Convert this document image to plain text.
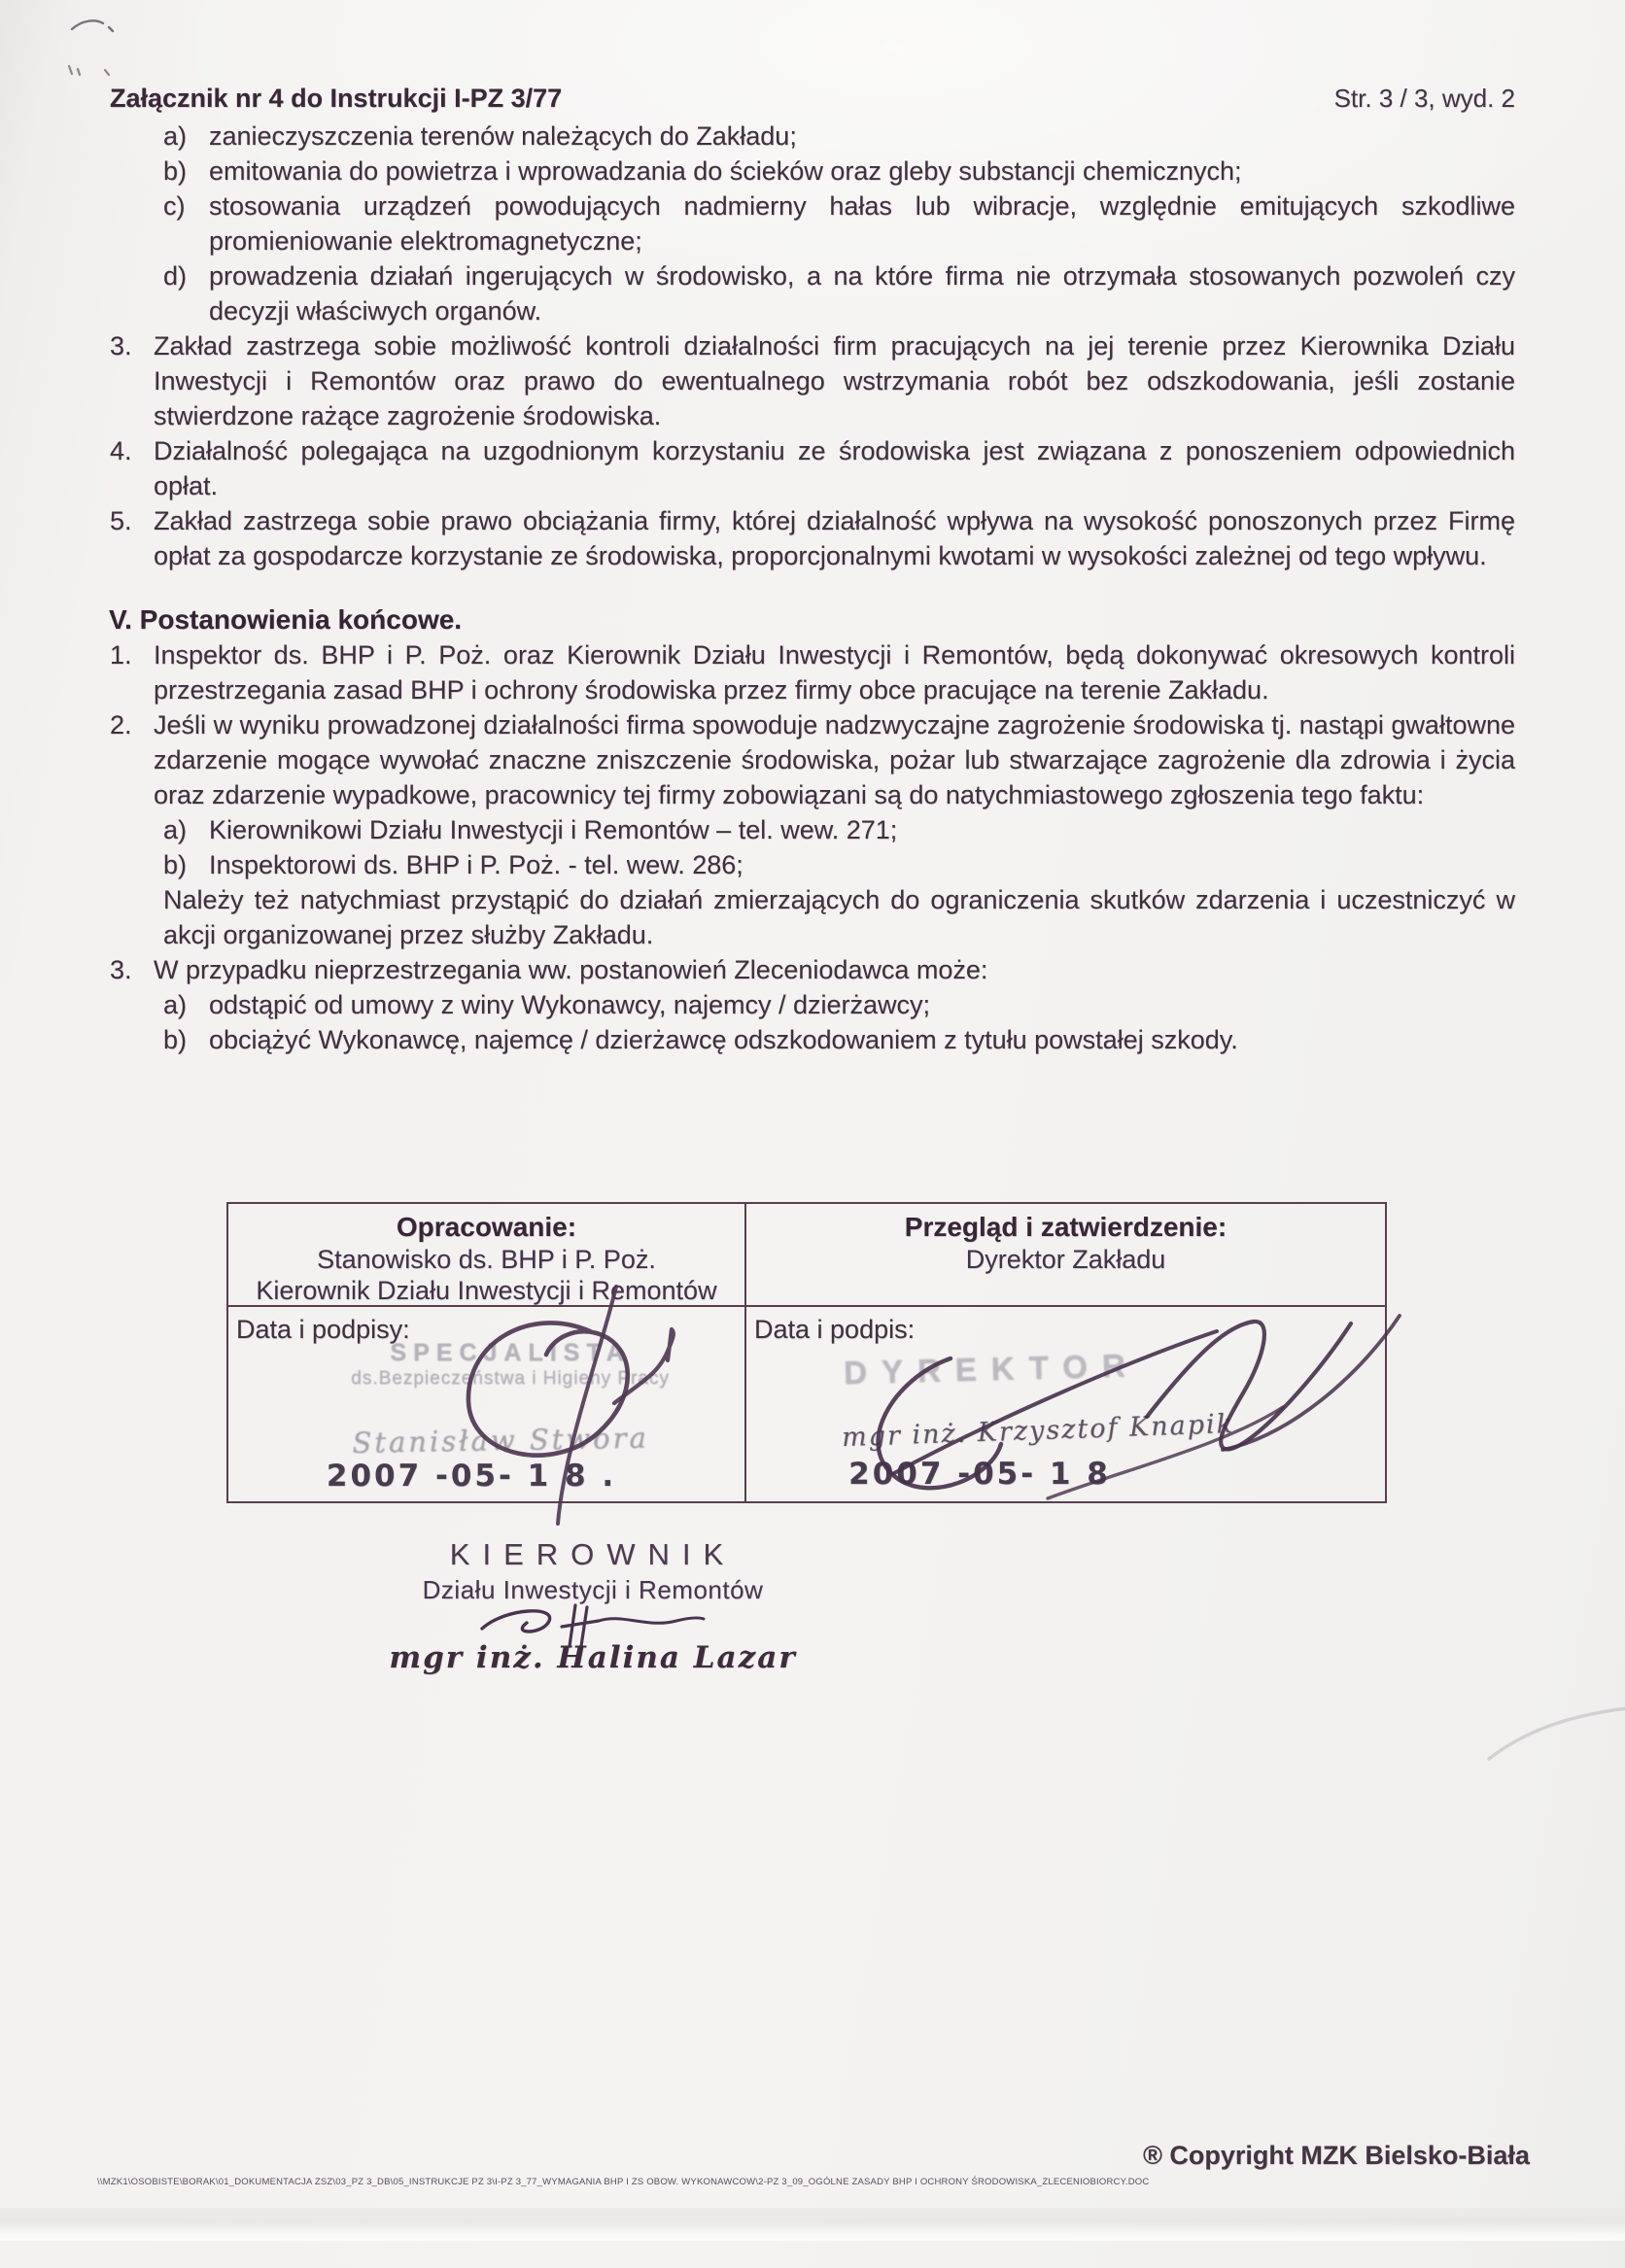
Załącznik nr 4 do Instrukcji I-PZ 3/77	Str. 3 / 3, wyd. 2
a) zanieczyszczenia terenów należących do Zakładu;

b) emitowania do powietrza i wprowadzania do ścieków oraz gleby substancji chemicznych;

c) stosowania urządzeń powodujących nadmierny hałas lub wibracje, względnie emitujących szkodliwe promieniowanie elektromagnetyczne;

d) prowadzenia działań ingerujących w środowisko, a na które firma nie otrzymała stosowanych pozwoleń czy decyzji właściwych organów.

3. Zakład zastrzega sobie możliwość kontroli działalności firm pracujących na jej terenie przez Kierownika Działu Inwestycji i Remontów oraz prawo do ewentualnego wstrzymania robót bez odszkodowania, jeśli zostanie stwierdzone rażące zagrożenie środowiska.

4. Działalność polegająca na uzgodnionym korzystaniu ze środowiska jest związana z ponoszeniem odpowiednich opłat.

5. Zakład zastrzega sobie prawo obciążania firmy, której działalność wpływa na wysokość ponoszonych przez Firmę opłat za gospodarcze korzystanie ze środowiska, proporcjonalnymi kwotami w wysokości zależnej od tego wpływu.

V. Postanowienia końcowe.

1. Inspektor ds. BHP i P. Poż. oraz Kierownik Działu Inwestycji i Remontów, będą dokonywać okresowych kontroli przestrzegania zasad BHP i ochrony środowiska przez firmy obce pracujące na terenie Zakładu.

2. Jeśli w wyniku prowadzonej działalności firma spowoduje nadzwyczajne zagrożenie środowiska tj. nastąpi gwałtowne zdarzenie mogące wywołać znaczne zniszczenie środowiska, pożar lub stwarzające zagrożenie dla zdrowia i życia oraz zdarzenie wypadkowe, pracownicy tej firmy zobowiązani są do natychmiastowego zgłoszenia tego faktu:

a) Kierownikowi Działu Inwestycji i Remontów – tel. wew. 271;

b) Inspektorowi ds. BHP i P. Poż. - tel. wew. 286;

Należy też natychmiast przystąpić do działań zmierzających do ograniczenia skutków zdarzenia i uczestniczyć w akcji organizowanej przez służby Zakładu.

3. W przypadku nieprzestrzegania ww. postanowień Zleceniodawca może:

a) odstąpić od umowy z winy Wykonawcy, najemcy / dzierżawcy;

b) obciążyć Wykonawcę, najemcę / dzierżawcę odszkodowaniem z tytułu powstałej szkody.

Opracowanie:
Stanowisko ds. BHP i P. Poż.
Kierownik Działu Inwestycji i Remontów
Przegląd i zatwierdzenie:
Dyrektor Zakładu
Data i podpisy:
SPECJALISTA
ds.Bezpieczeństwa i Higieny Pracy
Stanisław Stwora
2007 -05- 1 8 .
Data i podpis:
DYREKTOR
mgr inż. Krzysztof Knapik
2007 -05- 1 8
KIEROWNIK
Działu Inwestycji i Remontów
mgr inż. Halina Lazar
\\MZK1\OSOBISTE\BORAK\01_DOKUMENTACJA ZSZ\03_PZ 3_DB\05_INSTRUKCJE PZ 3\I-PZ 3_77_WYMAGANIA BHP I ZS OBOW. WYKONAWCOW\2-PZ 3_09_OGÓLNE ZASADY BHP I OCHRONY ŚRODOWISKA_ZLECENIOBIORCY.DOC
® Copyright MZK Bielsko-Biała
